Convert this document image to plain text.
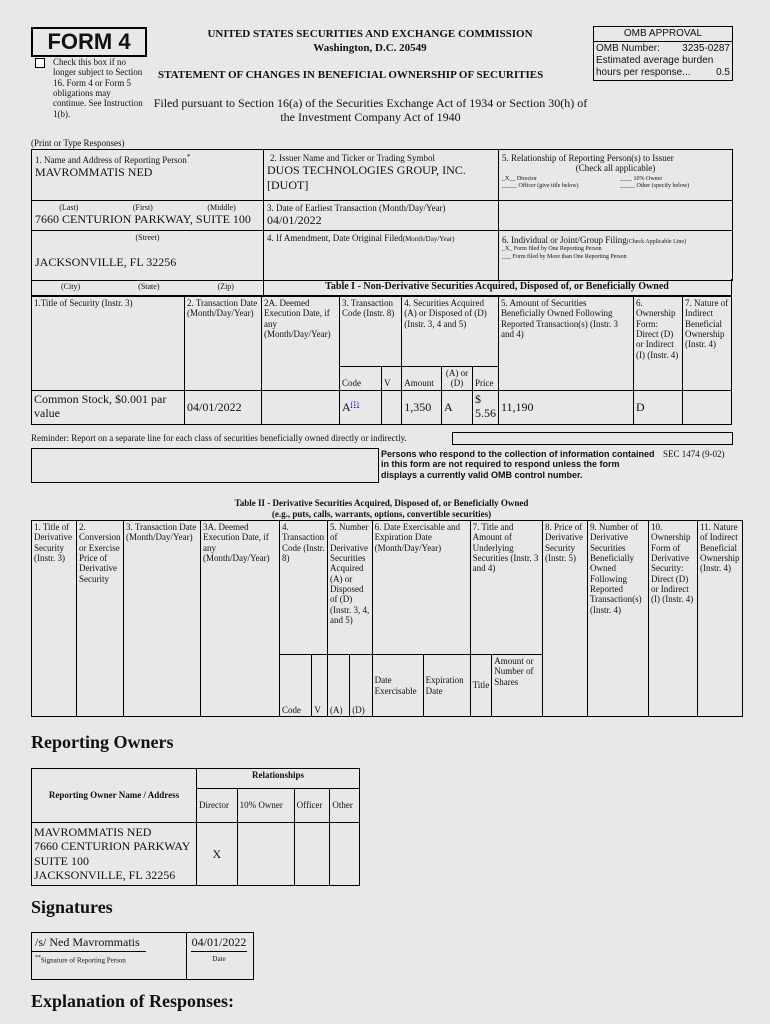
FORM 4
Check this box if no longer subject to Section 16. Form 4 or Form 5 obligations may continue. See Instruction 1(b).
UNITED STATES SECURITIES AND EXCHANGE COMMISSION
Washington, D.C. 20549
STATEMENT OF CHANGES IN BENEFICIAL OWNERSHIP OF SECURITIES
Filed pursuant to Section 16(a) of the Securities Exchange Act of 1934 or Section 30(h) of the Investment Company Act of 1940
OMB APPROVAL
OMB Number: 3235-0287
Estimated average burden
hours per response...	0.5
(Print or Type Responses)
1. Name and Address of Reporting Person*
MAVROMMATIS NED
(Last)	(First)	(Middle)
7660 CENTURION PARKWAY, SUITE 100
(Street)
JACKSONVILLE, FL 32256
2. Issuer Name and Ticker or Trading Symbol
DUOS TECHNOLOGIES GROUP, INC.
[DUOT]
3. Date of Earliest Transaction (Month/Day/Year)
04/01/2022
4. If Amendment, Date Original Filed(Month/Day/Year)
5. Relationship of Reporting Person(s) to Issuer
(Check all applicable)
_X__ Director	____ 10% Owner
_____ Officer (give title below)	_____ Other (specify below)
6. Individual or Joint/Group Filing(Check Applicable Line)
_X_ Form filed by One Reporting Person
___ Form filed by More than One Reporting Person
(City)	(State)	(Zip)	Table I - Non-Derivative Securities Acquired, Disposed of, or Beneficially Owned
1.Title of Security (Instr. 3)	2. Transaction Date (Month/Day/Year)	2A. Deemed Execution Date, if any (Month/Day/Year)	3. Transaction Code (Instr. 8)		4. Securities Acquired (A) or Disposed of (D) (Instr. 3, 4 and 5)			5. Amount of Securities Beneficially Owned Following Reported Transaction(s) (Instr. 3 and 4)	6. Ownership Form: Direct (D) or Indirect (I) (Instr. 4)	7. Nature of Indirect Beneficial Ownership (Instr. 4)
			Code	V	Amount	(A) or (D)	Price			
Common Stock, $0.001 par value	04/01/2022		$A^{(1)}$		1,350	A	$ 5.56	11,190	D	
Reminder: Report on a separate line for each class of securities beneficially owned directly or indirectly.
Persons who respond to the collection of information contained in this form are not required to respond unless the form displays a currently valid OMB control number.
SEC 1474 (9-02)
Table II - Derivative Securities Acquired, Disposed of, or Beneficially Owned
(e.g., puts, calls, warrants, options, convertible securities)
1. Title of Derivative Security (Instr. 3)	2. Conversion or Exercise Price of Derivative Security	3. Transaction Date (Month/Day/Year)	3A. Deemed Execution Date, if any (Month/Day/Year)	4. Transaction Code (Instr. 8)		5. Number of Derivative Securities Acquired (A) or Disposed of (D) (Instr. 3, 4, and 5)		6. Date Exercisable and Expiration Date (Month/Day/Year)		7. Title and Amount of Underlying Securities (Instr. 3 and 4)		8. Price of Derivative Security (Instr. 5)	9. Number of Derivative Securities Beneficially Owned Following Reported Transaction(s) (Instr. 4)	10. Ownership Form of Derivative Security: Direct (D) or Indirect (I) (Instr. 4)	11. Nature of Indirect Beneficial Ownership (Instr. 4)
				Code	V	(A)	(D)	Date Exercisable	Expiration Date	Title	Amount or Number of Shares				
Reporting Owners
Reporting Owner Name / Address	Relationships			
	Director	10% Owner	Officer	Other

MAVROMMATIS NED
7660 CENTURION PARKWAY
SUITE 100
JACKSONVILLE, FL 32256	X			
Signatures
/s/ Ned Mavrommatis
**Signature of Reporting Person
04/01/2022
Date
Explanation of Responses:
